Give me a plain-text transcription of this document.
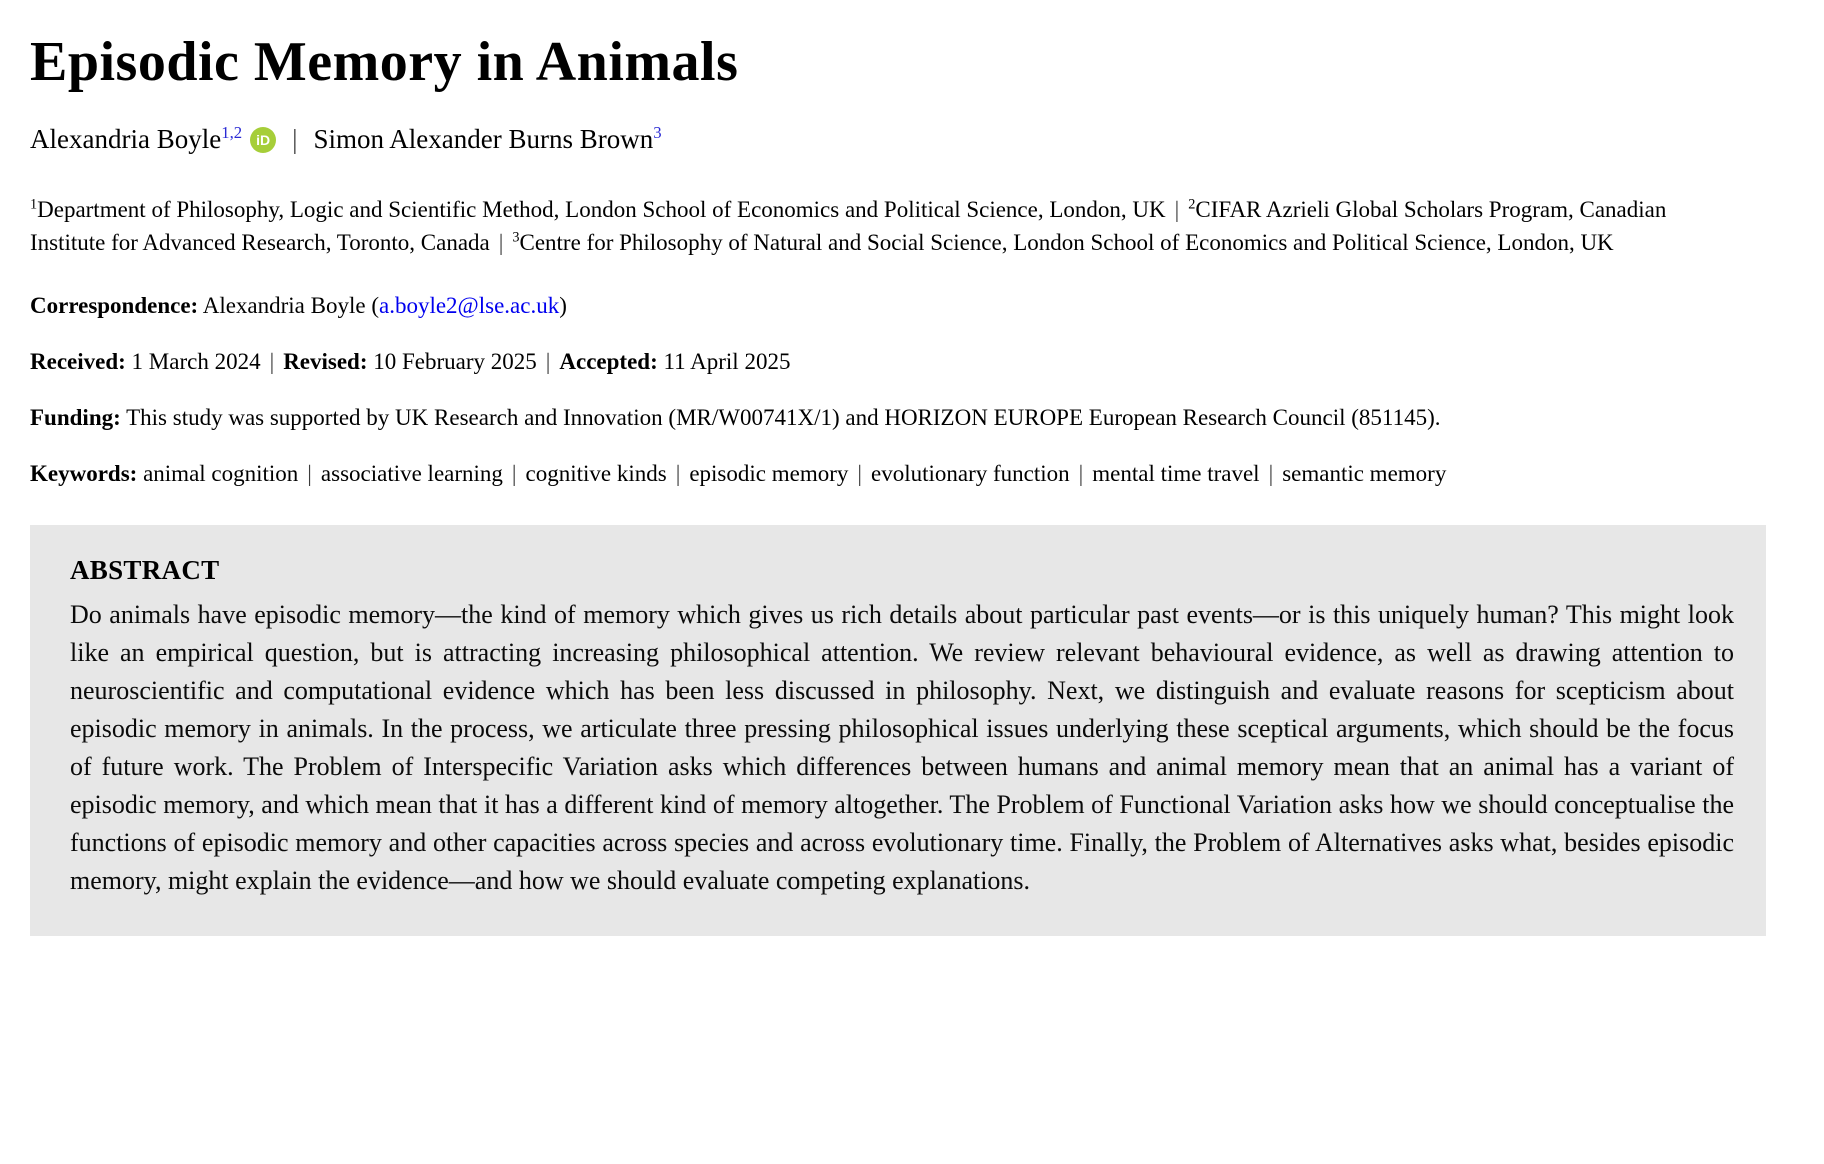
Episodic Memory in Animals
Alexandria Boyle$^{1,2}$	iD | Simon Alexander Burns Brown$^3$

$^1$Department of Philosophy, Logic and Scientific Method, London School of Economics and Political Science, London, UK | $^2$CIFAR Azrieli Global Scholars Program, Canadian Institute for Advanced Research, Toronto, Canada | $^3$Centre for Philosophy of Natural and Social Science, London School of Economics and Political Science, London, UK

Correspondence: Alexandria Boyle (a.boyle2@lse.ac.uk)

Received: 1 March 2024 | Revised: 10 February 2025 | Accepted: 11 April 2025

Funding: This study was supported by UK Research and Innovation (MR/W00741X/1) and HORIZON EUROPE European Research Council (851145).

Keywords: animal cognition | associative learning | cognitive kinds | episodic memory | evolutionary function | mental time travel | semantic memory

ABSTRACT
Do animals have episodic memory—the kind of memory which gives us rich details about particular past events—or is this uniquely human? This might look like an empirical question, but is attracting increasing philosophical attention. We review relevant behavioural evidence, as well as drawing attention to neuroscientific and computational evidence which has been less discussed in philosophy. Next, we distinguish and evaluate reasons for scepticism about episodic memory in animals. In the process, we articulate three pressing philosophical issues underlying these sceptical arguments, which should be the focus of future work. The Problem of Interspecific Variation asks which differences between humans and animal memory mean that an animal has a variant of episodic memory, and which mean that it has a different kind of memory altogether. The Problem of Functional Variation asks how we should conceptualise the functions of episodic memory and other capacities across species and across evolutionary time. Finally, the Problem of Alternatives asks what, besides episodic memory, might explain the evidence—and how we should evaluate competing explanations.
